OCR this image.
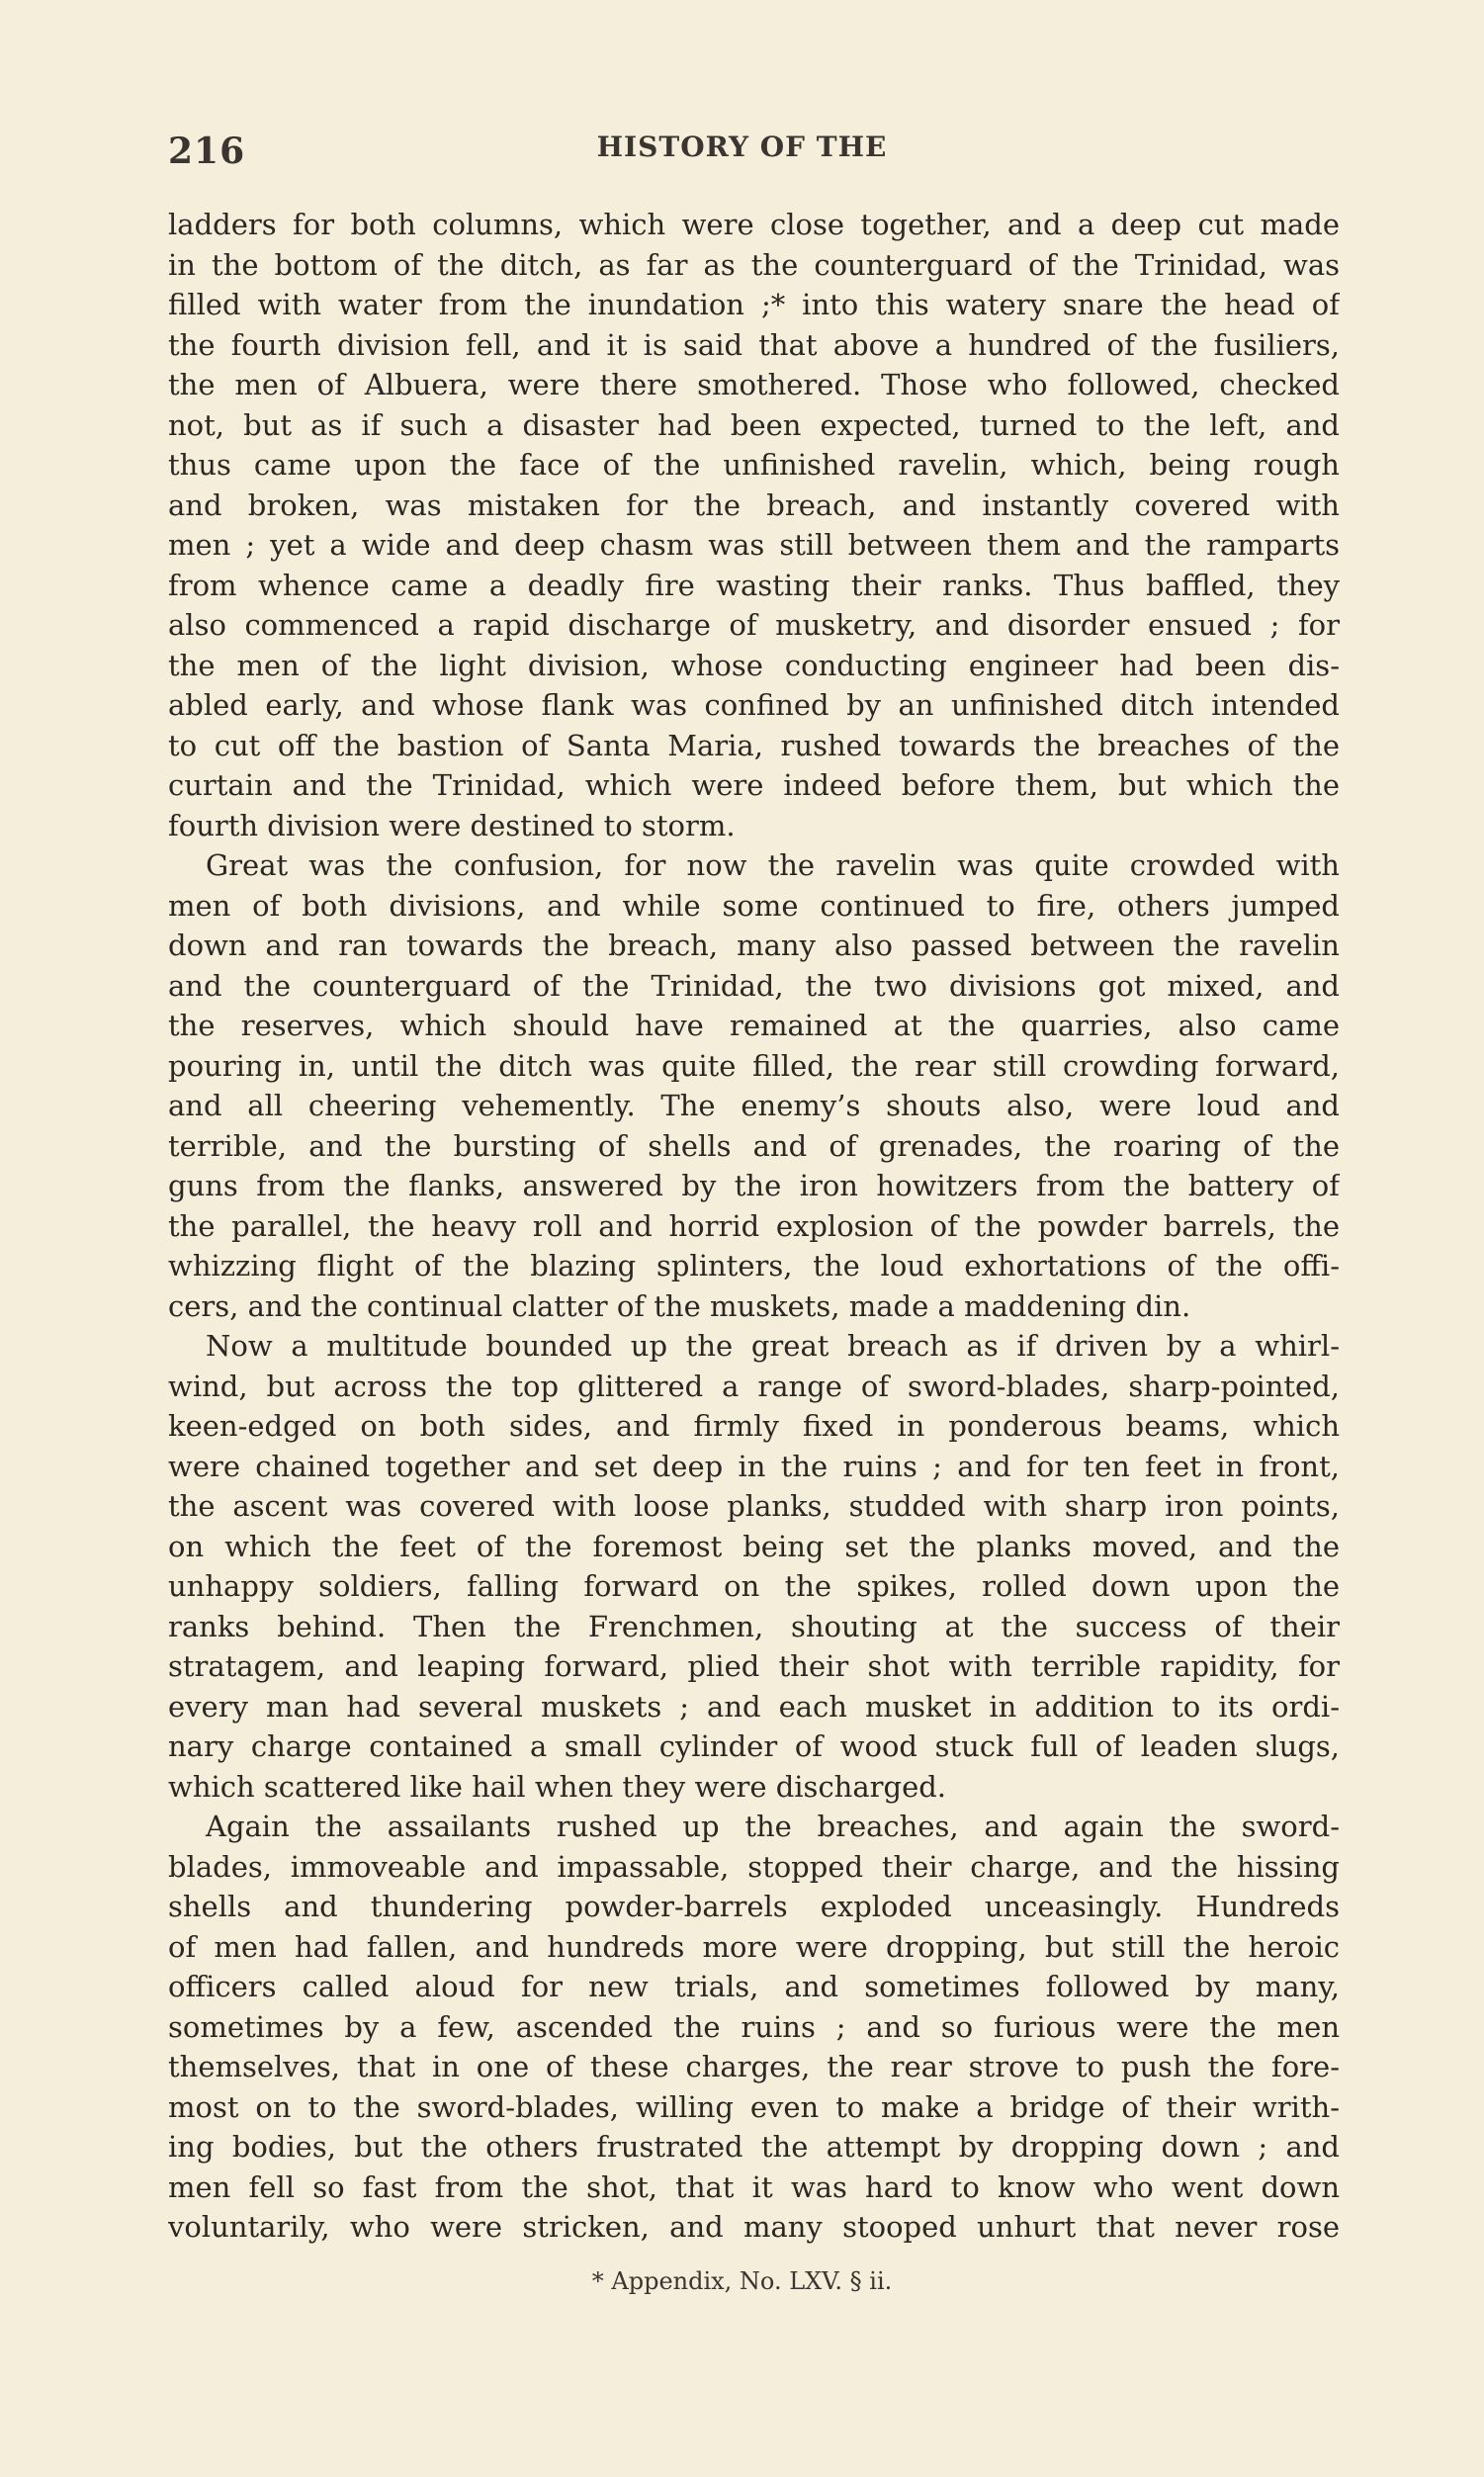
216	HISTORY OF THE
ladders for both columns, which were close together, and a deep cut made
in the bottom of the ditch, as far as the counterguard of the Trinidad, was
filled with water from the inundation ;* into this watery snare the head of
the fourth division fell, and it is said that above a hundred of the fusiliers,
the men of Albuera, were there smothered. Those who followed, checked
not, but as if such a disaster had been expected, turned to the left, and
thus came upon the face of the unfinished ravelin, which, being rough
and broken, was mistaken for the breach, and instantly covered with
men ; yet a wide and deep chasm was still between them and the ramparts
from whence came a deadly fire wasting their ranks. Thus baffled, they
also commenced a rapid discharge of musketry, and disorder ensued ; for
the men of the light division, whose conducting engineer had been dis-
abled early, and whose flank was confined by an unfinished ditch intended
to cut off the bastion of Santa Maria, rushed towards the breaches of the
curtain and the Trinidad, which were indeed before them, but which the
fourth division were destined to storm.
Great was the confusion, for now the ravelin was quite crowded with
men of both divisions, and while some continued to fire, others jumped
down and ran towards the breach, many also passed between the ravelin
and the counterguard of the Trinidad, the two divisions got mixed, and
the reserves, which should have remained at the quarries, also came
pouring in, until the ditch was quite filled, the rear still crowding forward,
and all cheering vehemently. The enemy’s shouts also, were loud and
terrible, and the bursting of shells and of grenades, the roaring of the
guns from the flanks, answered by the iron howitzers from the battery of
the parallel, the heavy roll and horrid explosion of the powder barrels, the
whizzing flight of the blazing splinters, the loud exhortations of the offi-
cers, and the continual clatter of the muskets, made a maddening din.
Now a multitude bounded up the great breach as if driven by a whirl-
wind, but across the top glittered a range of sword-blades, sharp-pointed,
keen-edged on both sides, and firmly fixed in ponderous beams, which
were chained together and set deep in the ruins ; and for ten feet in front,
the ascent was covered with loose planks, studded with sharp iron points,
on which the feet of the foremost being set the planks moved, and the
unhappy soldiers, falling forward on the spikes, rolled down upon the
ranks behind. Then the Frenchmen, shouting at the success of their
stratagem, and leaping forward, plied their shot with terrible rapidity, for
every man had several muskets ; and each musket in addition to its ordi-
nary charge contained a small cylinder of wood stuck full of leaden slugs,
which scattered like hail when they were discharged.
Again the assailants rushed up the breaches, and again the sword-
blades, immoveable and impassable, stopped their charge, and the hissing
shells and thundering powder-barrels exploded unceasingly. Hundreds
of men had fallen, and hundreds more were dropping, but still the heroic
officers called aloud for new trials, and sometimes followed by many,
sometimes by a few, ascended the ruins ; and so furious were the men
themselves, that in one of these charges, the rear strove to push the fore-
most on to the sword-blades, willing even to make a bridge of their writh-
ing bodies, but the others frustrated the attempt by dropping down ; and
men fell so fast from the shot, that it was hard to know who went down
voluntarily, who were stricken, and many stooped unhurt that never rose
* Appendix, No. LXV. § ii.
